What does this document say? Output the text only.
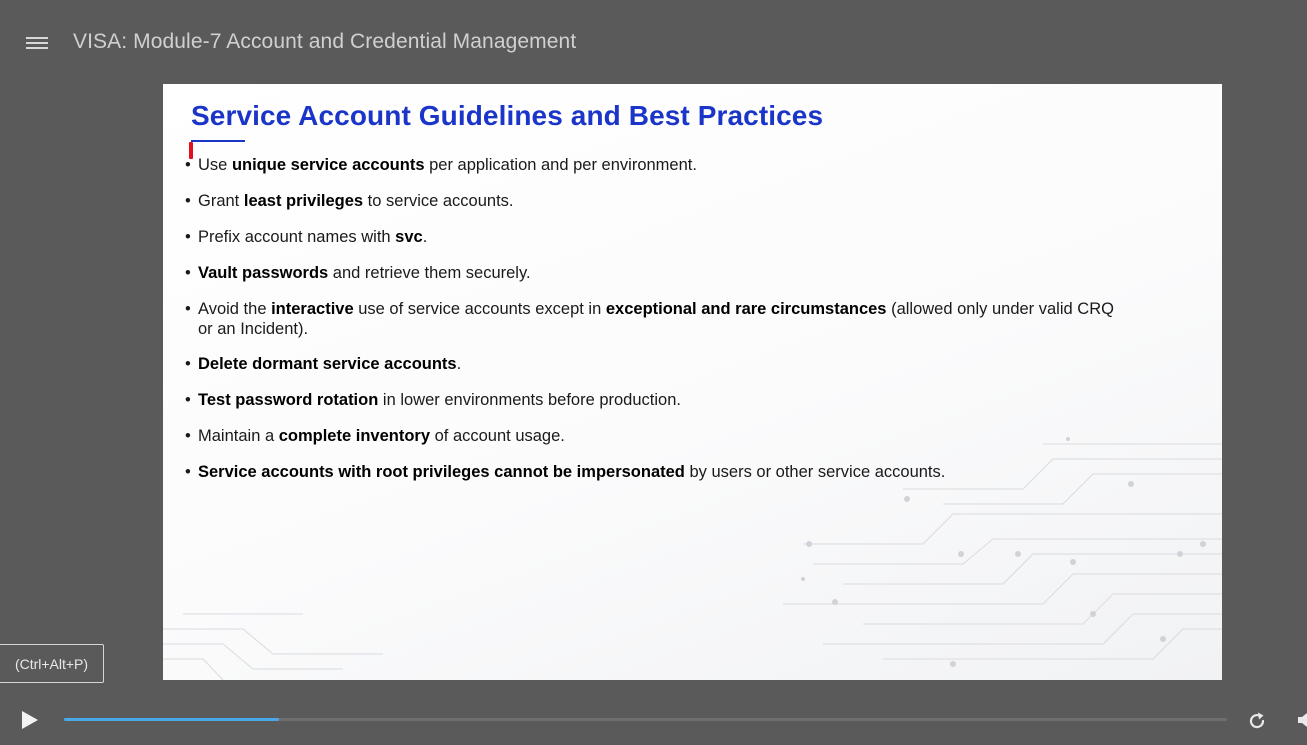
VISA: Module-7 Account and Credential Management
Service Account Guidelines and Best Practices
• Use unique service accounts per application and per environment.
• Grant least privileges to service accounts.
• Prefix account names with svc.
• Vault passwords and retrieve them securely.
• Avoid the interactive use of service accounts except in exceptional and rare circumstances (allowed only under valid CRQ or an Incident).
• Delete dormant service accounts.
• Test password rotation in lower environments before production.
• Maintain a complete inventory of account usage.
• Service accounts with root privileges cannot be impersonated by users or other service accounts.
(Ctrl+Alt+P)
